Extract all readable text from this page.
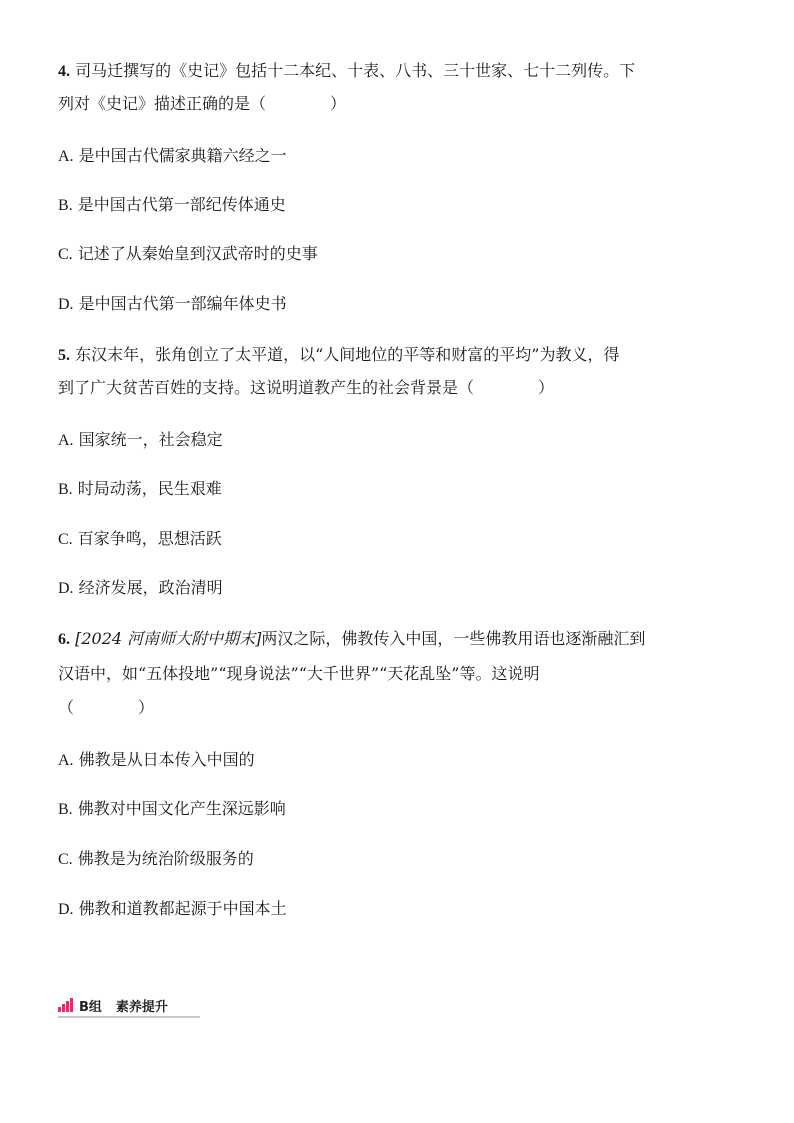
4. 司马迁撰写的《史记》包括十二本纪、十表、八书、三十世家、七十二列传。下
列对《史记》描述正确的是（　　　　）
A. 是中国古代儒家典籍六经之一
B. 是中国古代第一部纪传体通史
C. 记述了从秦始皇到汉武帝时的史事
D. 是中国古代第一部编年体史书
5. 东汉末年，张角创立了太平道，以“人间地位的平等和财富的平均”为教义，得
到了广大贫苦百姓的支持。这说明道教产生的社会背景是（　　　　）
A. 国家统一，社会稳定
B. 时局动荡，民生艰难
C. 百家争鸣，思想活跃
D. 经济发展，政治清明
6. [2024 河南师大附中期末]两汉之际，佛教传入中国，一些佛教用语也逐渐融汇到
汉语中，如“五体投地”“现身说法”“大千世界”“天花乱坠”等。这说明
（　　　　）
A. 佛教是从日本传入中国的
B. 佛教对中国文化产生深远影响
C. 佛教是为统治阶级服务的
D. 佛教和道教都起源于中国本土
B组 素养提升
